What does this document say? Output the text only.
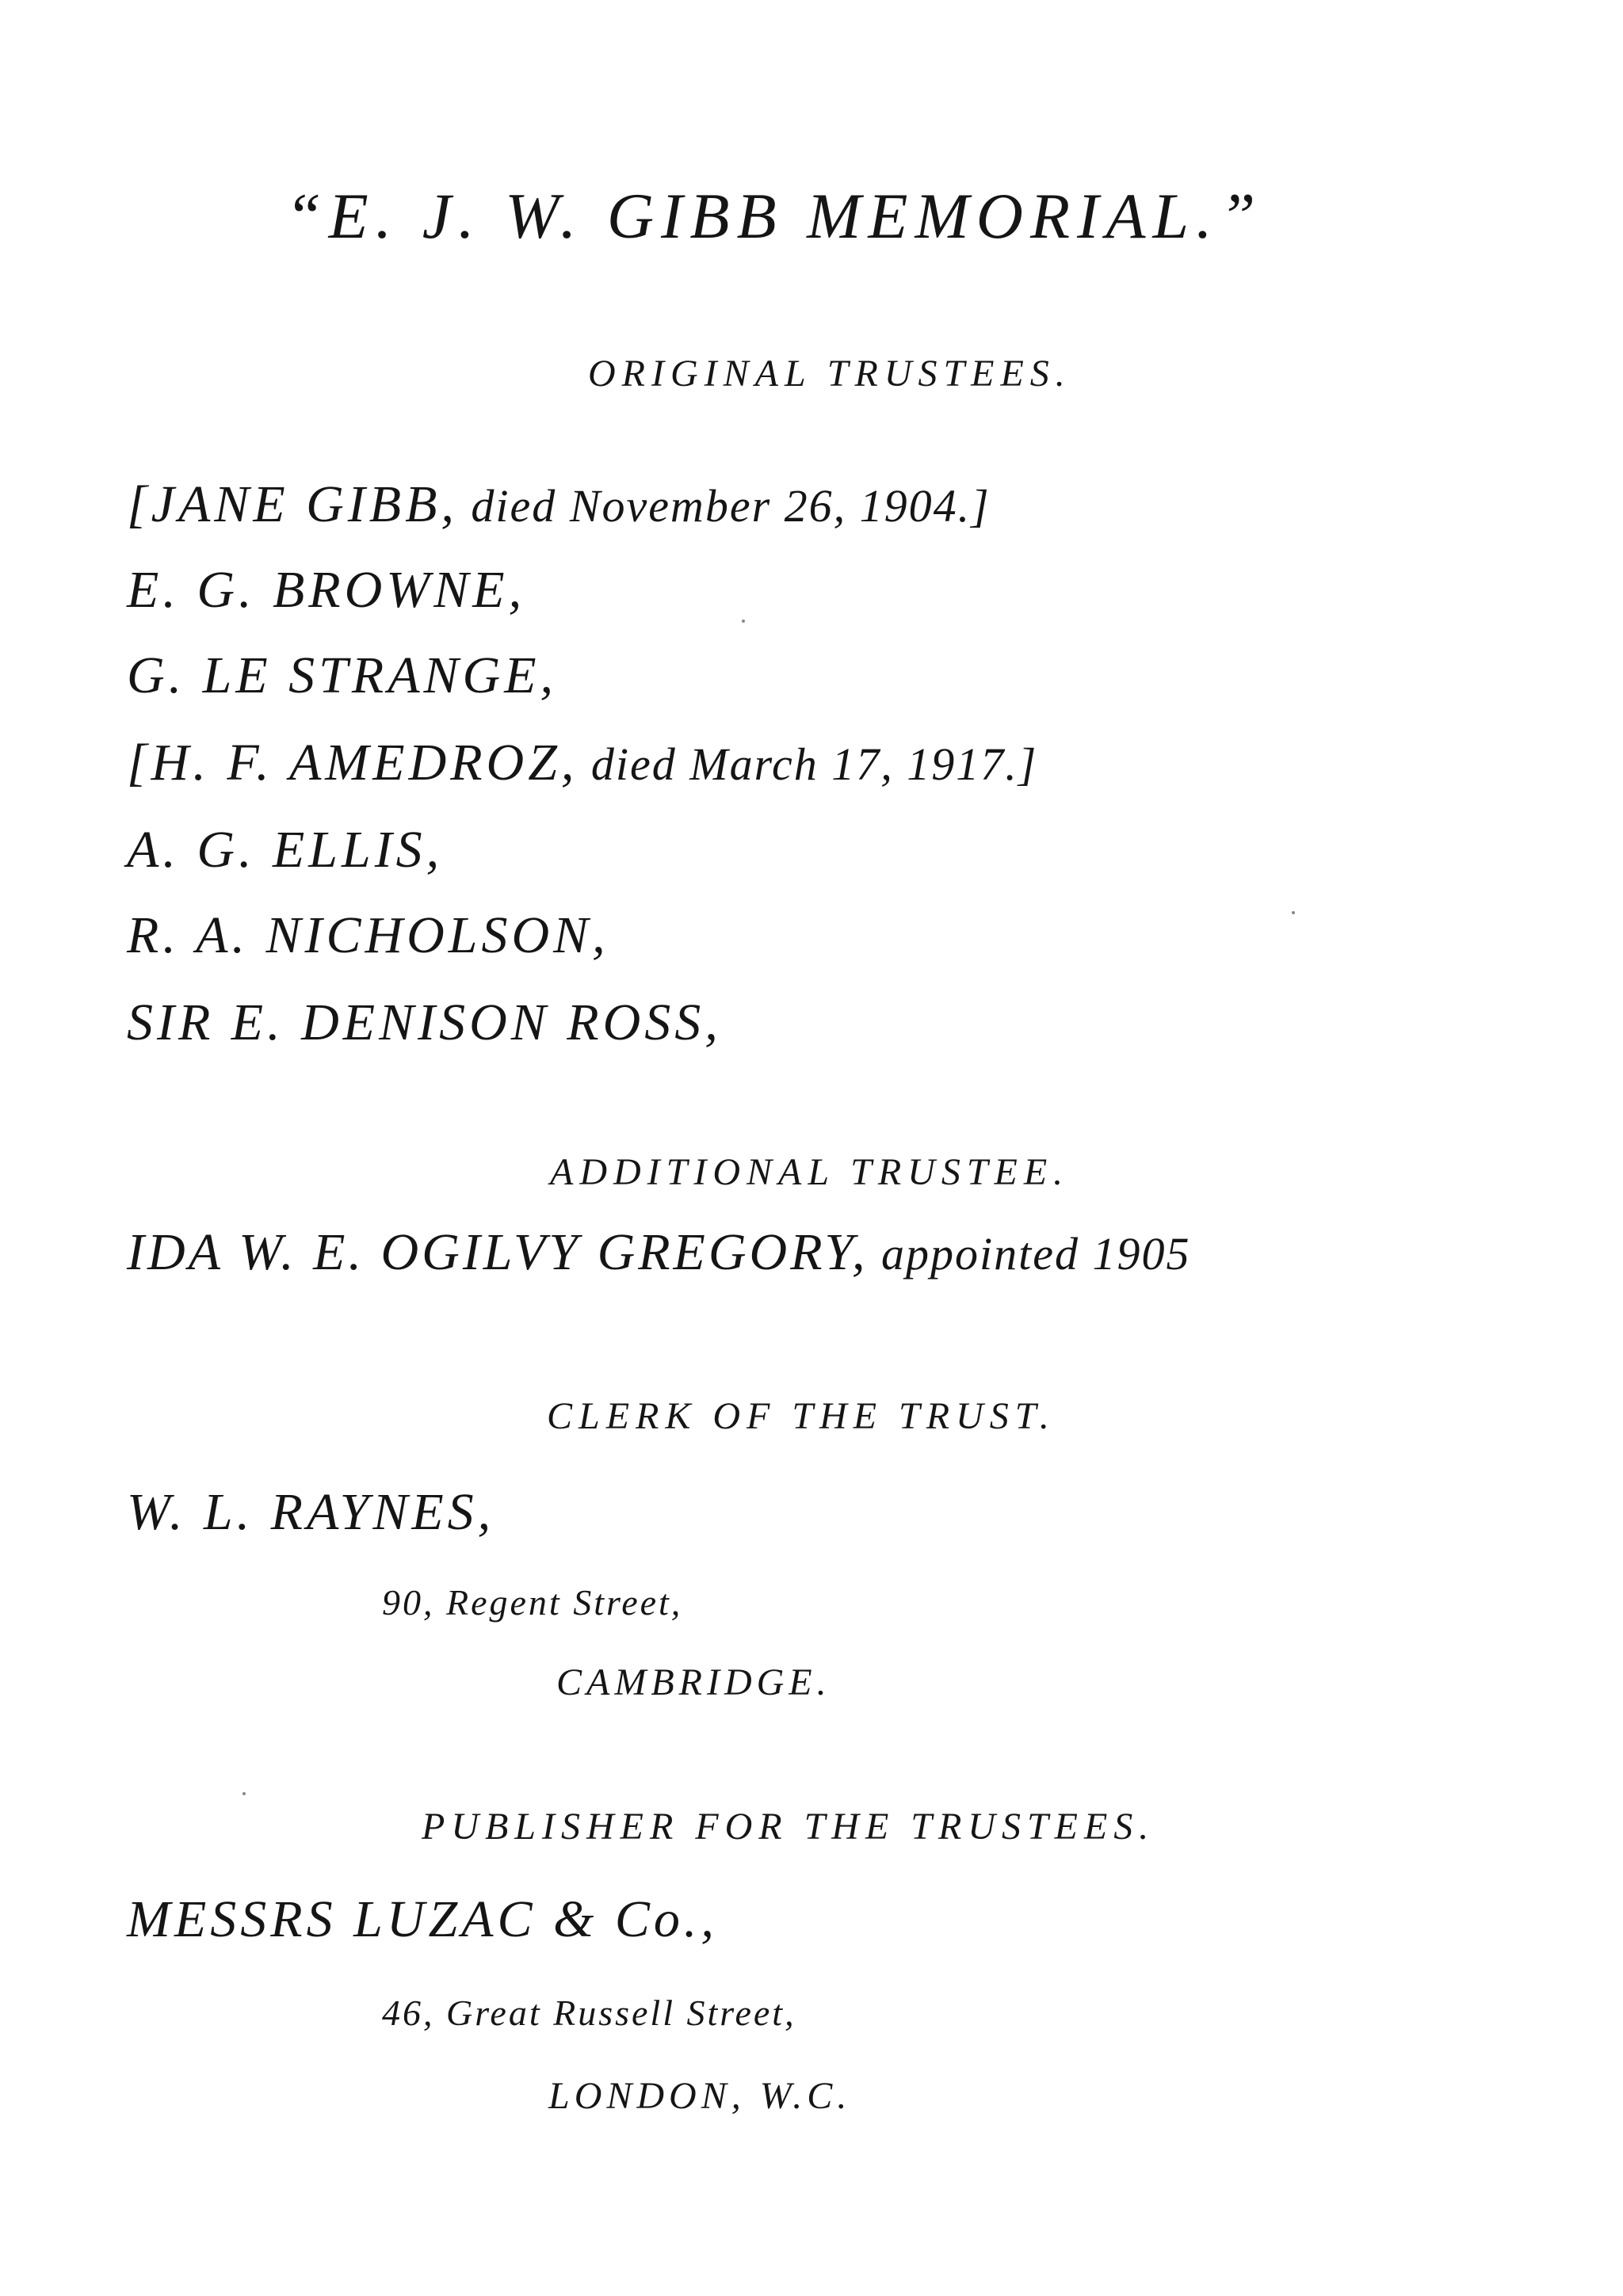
“E. J. W. GIBB MEMORIAL.”
ORIGINAL TRUSTEES.
[JANE GIBB, died November 26, 1904.]
E. G. BROWNE,
G. LE STRANGE,
[H. F. AMEDROZ, died March 17, 1917.]
A. G. ELLIS,
R. A. NICHOLSON,
SIR E. DENISON ROSS,
ADDITIONAL TRUSTEE.
IDA W. E. OGILVY GREGORY, appointed 1905
CLERK OF THE TRUST.
W. L. RAYNES,
90, Regent Street,
CAMBRIDGE.
PUBLISHER FOR THE TRUSTEES.
MESSRS LUZAC & Co.,
46, Great Russell Street,
LONDON, W.C.
